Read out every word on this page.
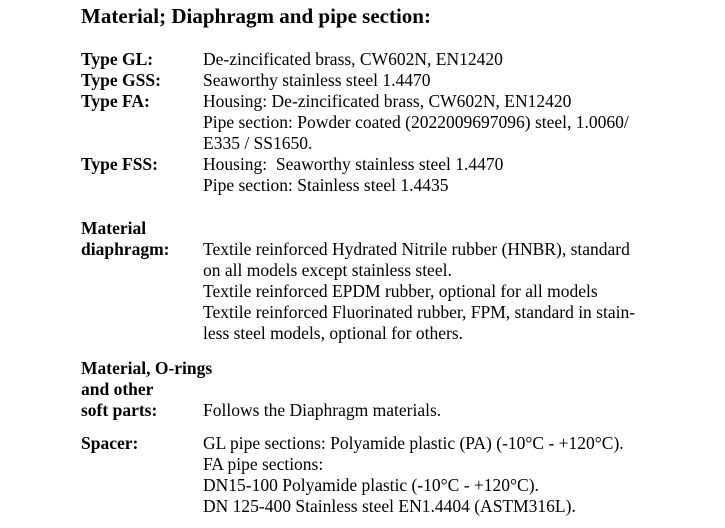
Material; Diaphragm and pipe section:
Type GL:	De-zincificated brass, CW602N, EN12420
Type GSS:	Seaworthy stainless steel 1.4470
Type FA:	Housing: De-zincificated brass, CW602N, EN12420
Pipe section: Powder coated (2022009697096) steel, 1.0060/
E335 / SS1650.
Type FSS:	Housing:  Seaworthy stainless steel 1.4470
Pipe section: Stainless steel 1.4435
Material
diaphragm:	Textile reinforced Hydrated Nitrile rubber (HNBR), standard
on all models except stainless steel.
Textile reinforced EPDM rubber, optional for all models
Textile reinforced Fluorinated rubber, FPM, standard in stain-
less steel models, optional for others.
Material, O-rings
and other
soft parts:	Follows the Diaphragm materials.
Spacer:	GL pipe sections: Polyamide plastic (PA) (-10°C - +120°C).
FA pipe sections:
DN15-100 Polyamide plastic (-10°C - +120°C).
DN 125-400 Stainless steel EN1.4404 (ASTM316L).
